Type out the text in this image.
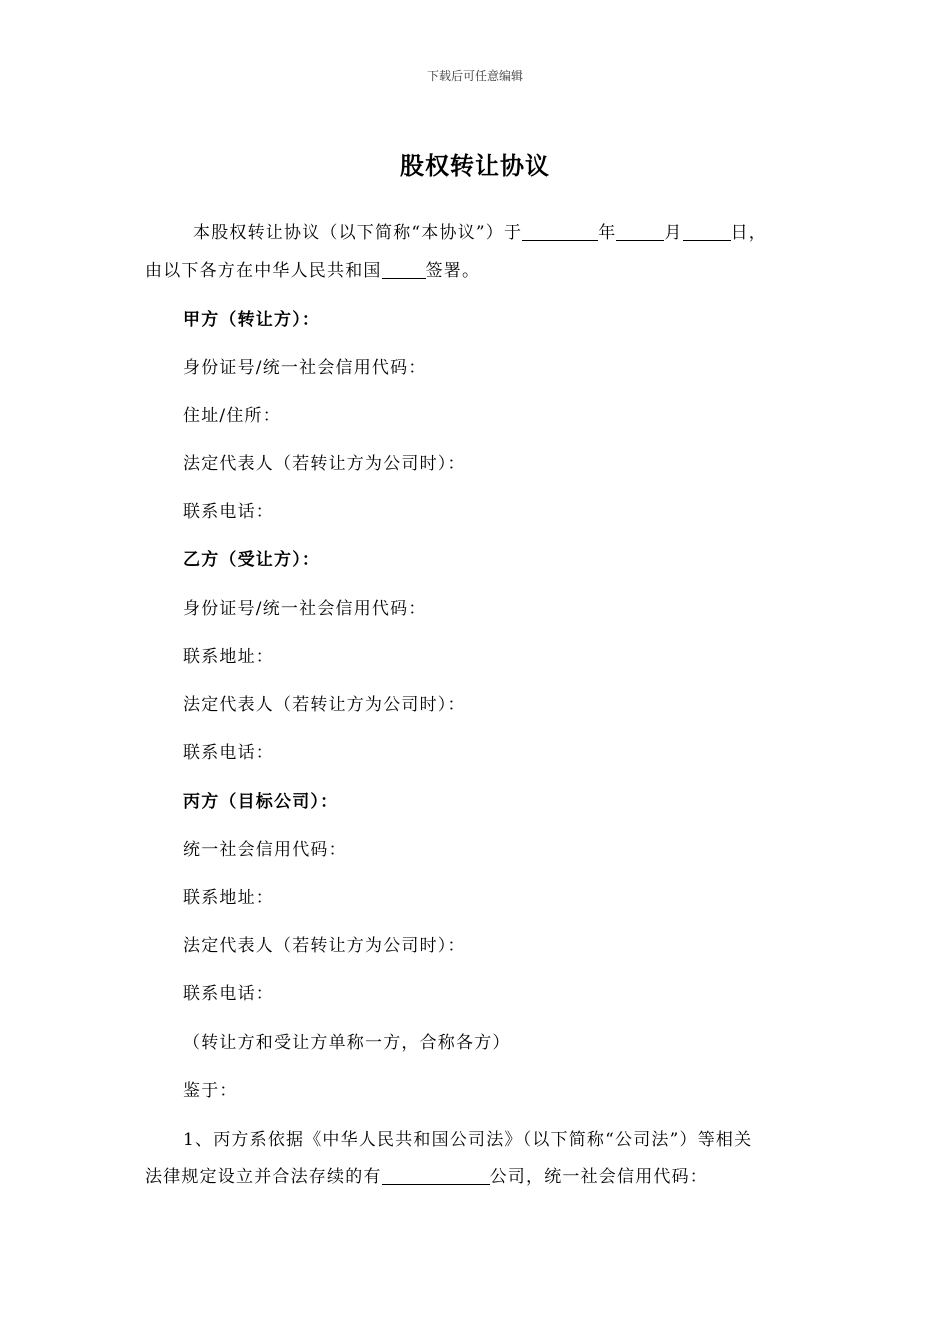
下载后可任意编辑
股权转让协议
本股权转让协议（以下简称“本协议”）于	年	月	日，
由以下各方在中华人民共和国	签署。
甲方（转让方）：
身份证号/统一社会信用代码：
住址/住所：
法定代表人（若转让方为公司时）：
联系电话：
乙方（受让方）：
身份证号/统一社会信用代码：
联系地址：
法定代表人（若转让方为公司时）：
联系电话：
丙方（目标公司）：
统一社会信用代码：
联系地址：
法定代表人（若转让方为公司时）：
联系电话：
（转让方和受让方单称一方，合称各方）
鉴于：
1、丙方系依据《中华人民共和国公司法》（以下简称“公司法”）等相关
法律规定设立并合法存续的有	公司，统一社会信用代码：
